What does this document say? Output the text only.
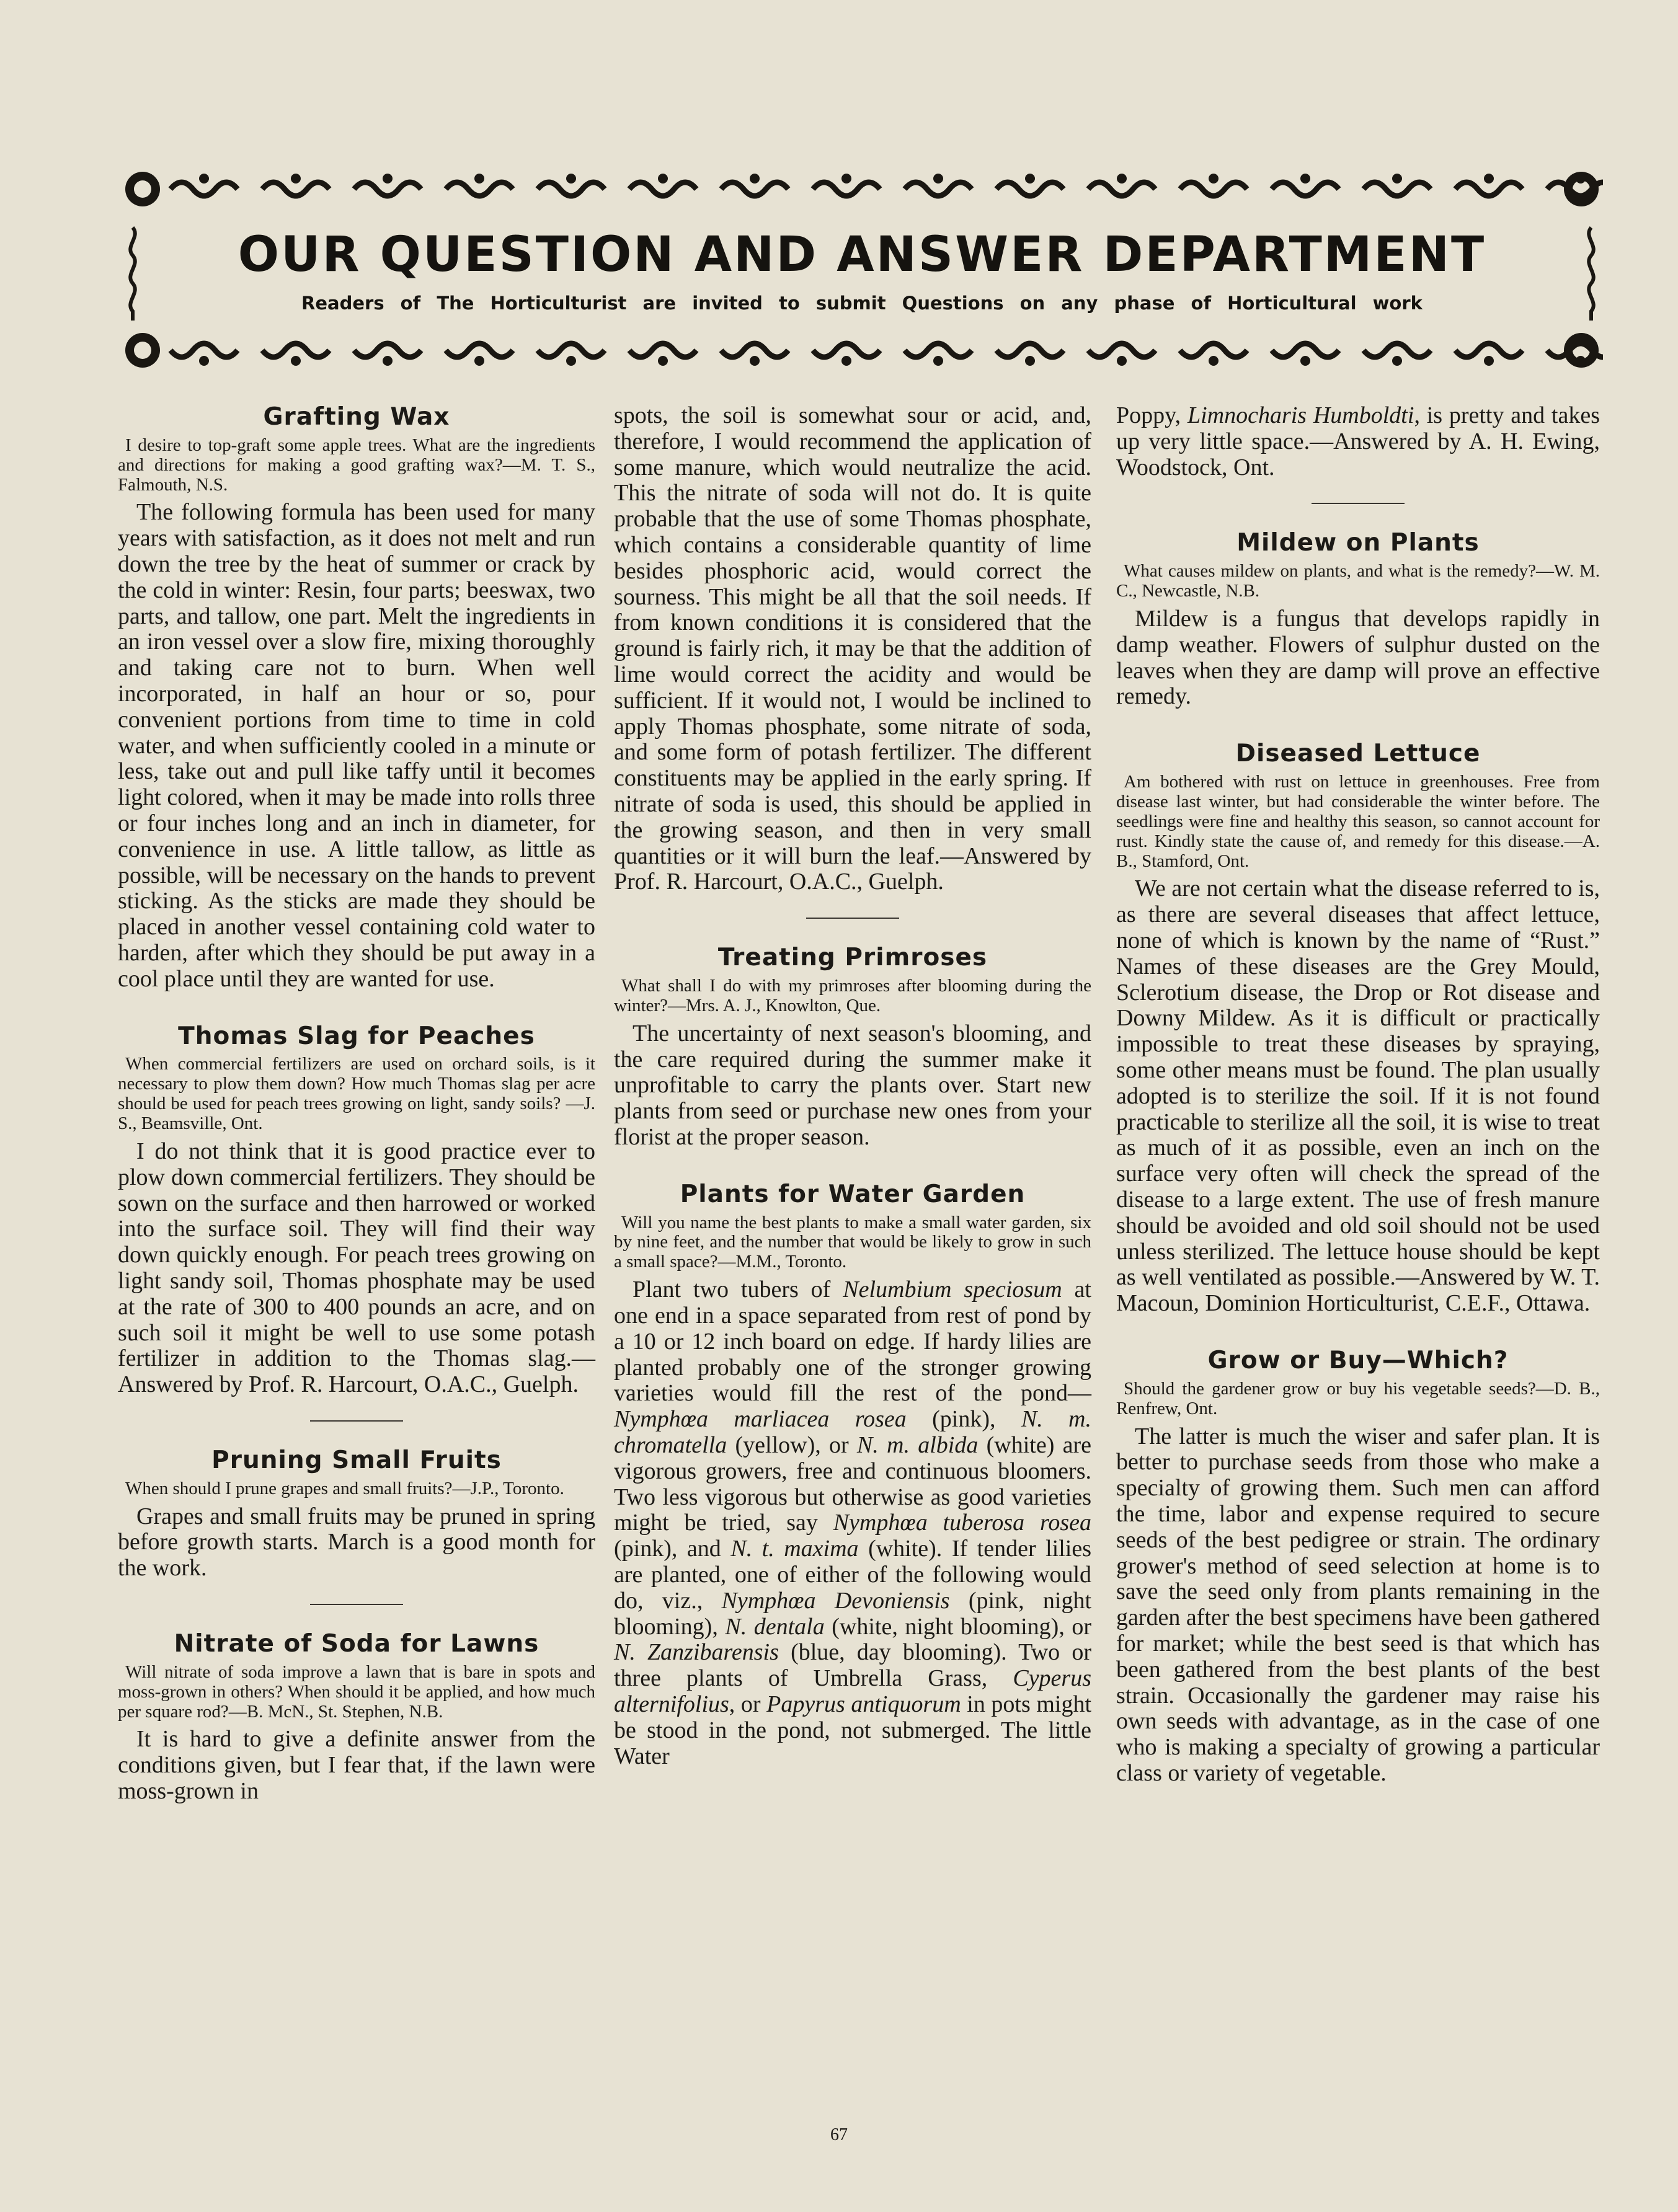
OUR QUESTION AND ANSWER DEPARTMENT
Readers of The Horticulturist are invited to submit Questions on any phase of Horticultural work
Grafting Wax

I desire to top-graft some apple trees. What are the ingredients and directions for making a good grafting wax?—M. T. S., Falmouth, N.S.

The following formula has been used for many years with satisfaction, as it does not melt and run down the tree by the heat of summer or crack by the cold in winter: Resin, four parts; beeswax, two parts, and tallow, one part. Melt the ingredients in an iron vessel over a slow fire, mixing thoroughly and taking care not to burn. When well incorporated, in half an hour or so, pour convenient portions from time to time in cold water, and when sufficiently cooled in a minute or less, take out and pull like taffy until it becomes light colored, when it may be made into rolls three or four inches long and an inch in diameter, for convenience in use. A little tallow, as little as possible, will be necessary on the hands to prevent sticking. As the sticks are made they should be placed in another vessel containing cold water to harden, after which they should be put away in a cool place until they are wanted for use.

Thomas Slag for Peaches

When commercial fertilizers are used on orchard soils, is it necessary to plow them down? How much Thomas slag per acre should be used for peach trees growing on light, sandy soils? —J. S., Beamsville, Ont.

I do not think that it is good practice ever to plow down commercial fertilizers. They should be sown on the surface and then harrowed or worked into the surface soil. They will find their way down quickly enough. For peach trees growing on light sandy soil, Thomas phosphate may be used at the rate of 300 to 400 pounds an acre, and on such soil it might be well to use some potash fertilizer in addition to the Thomas slag.—Answered by Prof. R. Harcourt, O.A.C., Guelph.

Pruning Small Fruits

When should I prune grapes and small fruits?—J.P., Toronto.

Grapes and small fruits may be pruned in spring before growth starts. March is a good month for the work.

Nitrate of Soda for Lawns

Will nitrate of soda improve a lawn that is bare in spots and moss-grown in others? When should it be applied, and how much per square rod?—B. McN., St. Stephen, N.B.

It is hard to give a definite answer from the conditions given, but I fear that, if the lawn were moss-grown in

spots, the soil is somewhat sour or acid, and, therefore, I would recommend the application of some manure, which would neutralize the acid. This the nitrate of soda will not do. It is quite probable that the use of some Thomas phosphate, which contains a considerable quantity of lime besides phosphoric acid, would correct the sourness. This might be all that the soil needs. If from known conditions it is considered that the ground is fairly rich, it may be that the addition of lime would correct the acidity and would be sufficient. If it would not, I would be inclined to apply Thomas phosphate, some nitrate of soda, and some form of potash fertilizer. The different constituents may be applied in the early spring. If nitrate of soda is used, this should be applied in the growing season, and then in very small quantities or it will burn the leaf.—Answered by Prof. R. Harcourt, O.A.C., Guelph.

Treating Primroses

What shall I do with my primroses after blooming during the winter?—Mrs. A. J., Knowlton, Que.

The uncertainty of next season's blooming, and the care required during the summer make it unprofitable to carry the plants over. Start new plants from seed or purchase new ones from your florist at the proper season.

Plants for Water Garden

Will you name the best plants to make a small water garden, six by nine feet, and the number that would be likely to grow in such a small space?—M.M., Toronto.

Plant two tubers of Nelumbium speciosum at one end in a space separated from rest of pond by a 10 or 12 inch board on edge. If hardy lilies are planted probably one of the stronger growing varieties would fill the rest of the pond—Nymphœa marliacea rosea (pink), N. m. chromatella (yellow), or N. m. albida (white) are vigorous growers, free and continuous bloomers. Two less vigorous but otherwise as good varieties might be tried, say Nymphœa tuberosa rosea (pink), and N. t. maxima (white). If tender lilies are planted, one of either of the following would do, viz., Nymphœa Devoniensis (pink, night blooming), N. dentala (white, night blooming), or N. Zanzibarensis (blue, day blooming). Two or three plants of Umbrella Grass, Cyperus alternifolius, or Papyrus antiquorum in pots might be stood in the pond, not submerged. The little Water

Poppy, Limnocharis Humboldti, is pretty and takes up very little space.—Answered by A. H. Ewing, Woodstock, Ont.

Mildew on Plants

What causes mildew on plants, and what is the remedy?—W. M. C., Newcastle, N.B.

Mildew is a fungus that develops rapidly in damp weather. Flowers of sulphur dusted on the leaves when they are damp will prove an effective remedy.

Diseased Lettuce

Am bothered with rust on lettuce in greenhouses. Free from disease last winter, but had considerable the winter before. The seedlings were fine and healthy this season, so cannot account for rust. Kindly state the cause of, and remedy for this disease.—A. B., Stamford, Ont.

We are not certain what the disease referred to is, as there are several diseases that affect lettuce, none of which is known by the name of “Rust.” Names of these diseases are the Grey Mould, Sclerotium disease, the Drop or Rot disease and Downy Mildew. As it is difficult or practically impossible to treat these diseases by spraying, some other means must be found. The plan usually adopted is to sterilize the soil. If it is not found practicable to sterilize all the soil, it is wise to treat as much of it as possible, even an inch on the surface very often will check the spread of the disease to a large extent. The use of fresh manure should be avoided and old soil should not be used unless sterilized. The lettuce house should be kept as well ventilated as possible.—Answered by W. T. Macoun, Dominion Horticulturist, C.E.F., Ottawa.

Grow or Buy—Which?

Should the gardener grow or buy his vegetable seeds?—D. B., Renfrew, Ont.

The latter is much the wiser and safer plan. It is better to purchase seeds from those who make a specialty of growing them. Such men can afford the time, labor and expense required to secure seeds of the best pedigree or strain. The ordinary grower's method of seed selection at home is to save the seed only from plants remaining in the garden after the best specimens have been gathered for market; while the best seed is that which has been gathered from the best plants of the best strain. Occasionally the gardener may raise his own seeds with advantage, as in the case of one who is making a specialty of growing a particular class or variety of vegetable.

67
